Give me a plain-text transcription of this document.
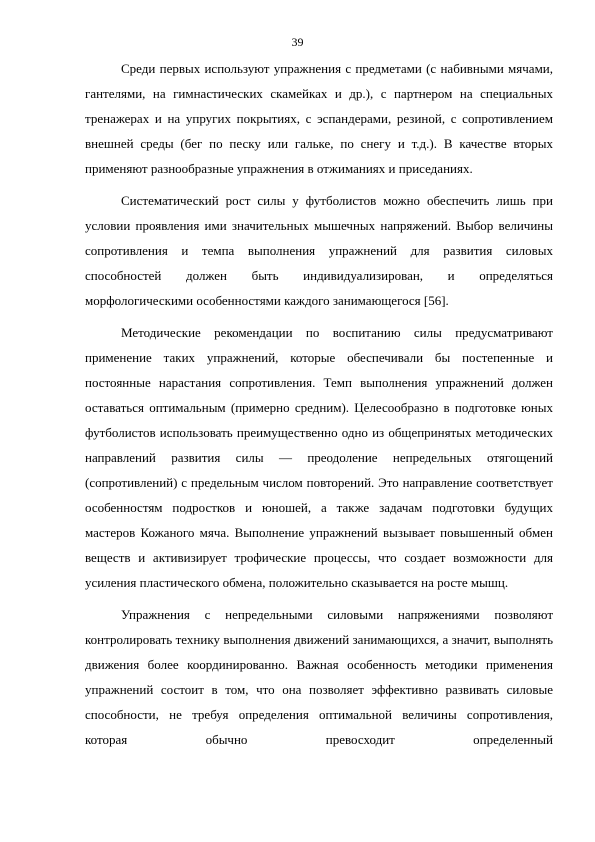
39

Среди первых используют упражнения с предметами (с набивными мячами, гантелями, на гимнастических скамейках и др.), с партнером на специальных тренажерах и на упругих покрытиях, с эспандерами, резиной, с сопротивлением внешней среды (бег по песку или гальке, по снегу и т.д.). В качестве вторых применяют разнообразные упражнения в отжиманиях и приседаниях.

Систематический рост силы у футболистов можно обеспечить лишь при условии проявления ими значительных мышечных напряжений. Выбор величины сопротивления и темпа выполнения упражнений для развития силовых способностей должен быть индивидуализирован, и определяться морфологическими особенностями каждого занимающегося [56].

Методические рекомендации по воспитанию силы предусматривают применение таких упражнений, которые обеспечивали бы постепенные и постоянные нарастания сопротивления. Темп выполнения упражнений должен оставаться оптимальным (примерно средним). Целесообразно в подготовке юных футболистов использовать преимущественно одно из общепринятых методических направлений развития силы — преодоление непредельных отягощений (сопротивлений) с предельным числом повторений. Это направление соответствует особенностям подростков и юношей, а также задачам подготовки будущих мастеров Кожаного мяча. Выполнение упражнений вызывает повышенный обмен веществ и активизирует трофические процессы, что создает возможности для усиления пластического обмена, положительно сказывается на росте мышц.

Упражнения с непредельными силовыми напряжениями позволяют контролировать технику выполнения движений занимающихся, а значит, выполнять движения более координированно. Важная особенность методики применения упражнений состоит в том, что она позволяет эффективно развивать силовые способности, не требуя определения оптимальной величины сопротивления, которая обычно превосходит определенный
